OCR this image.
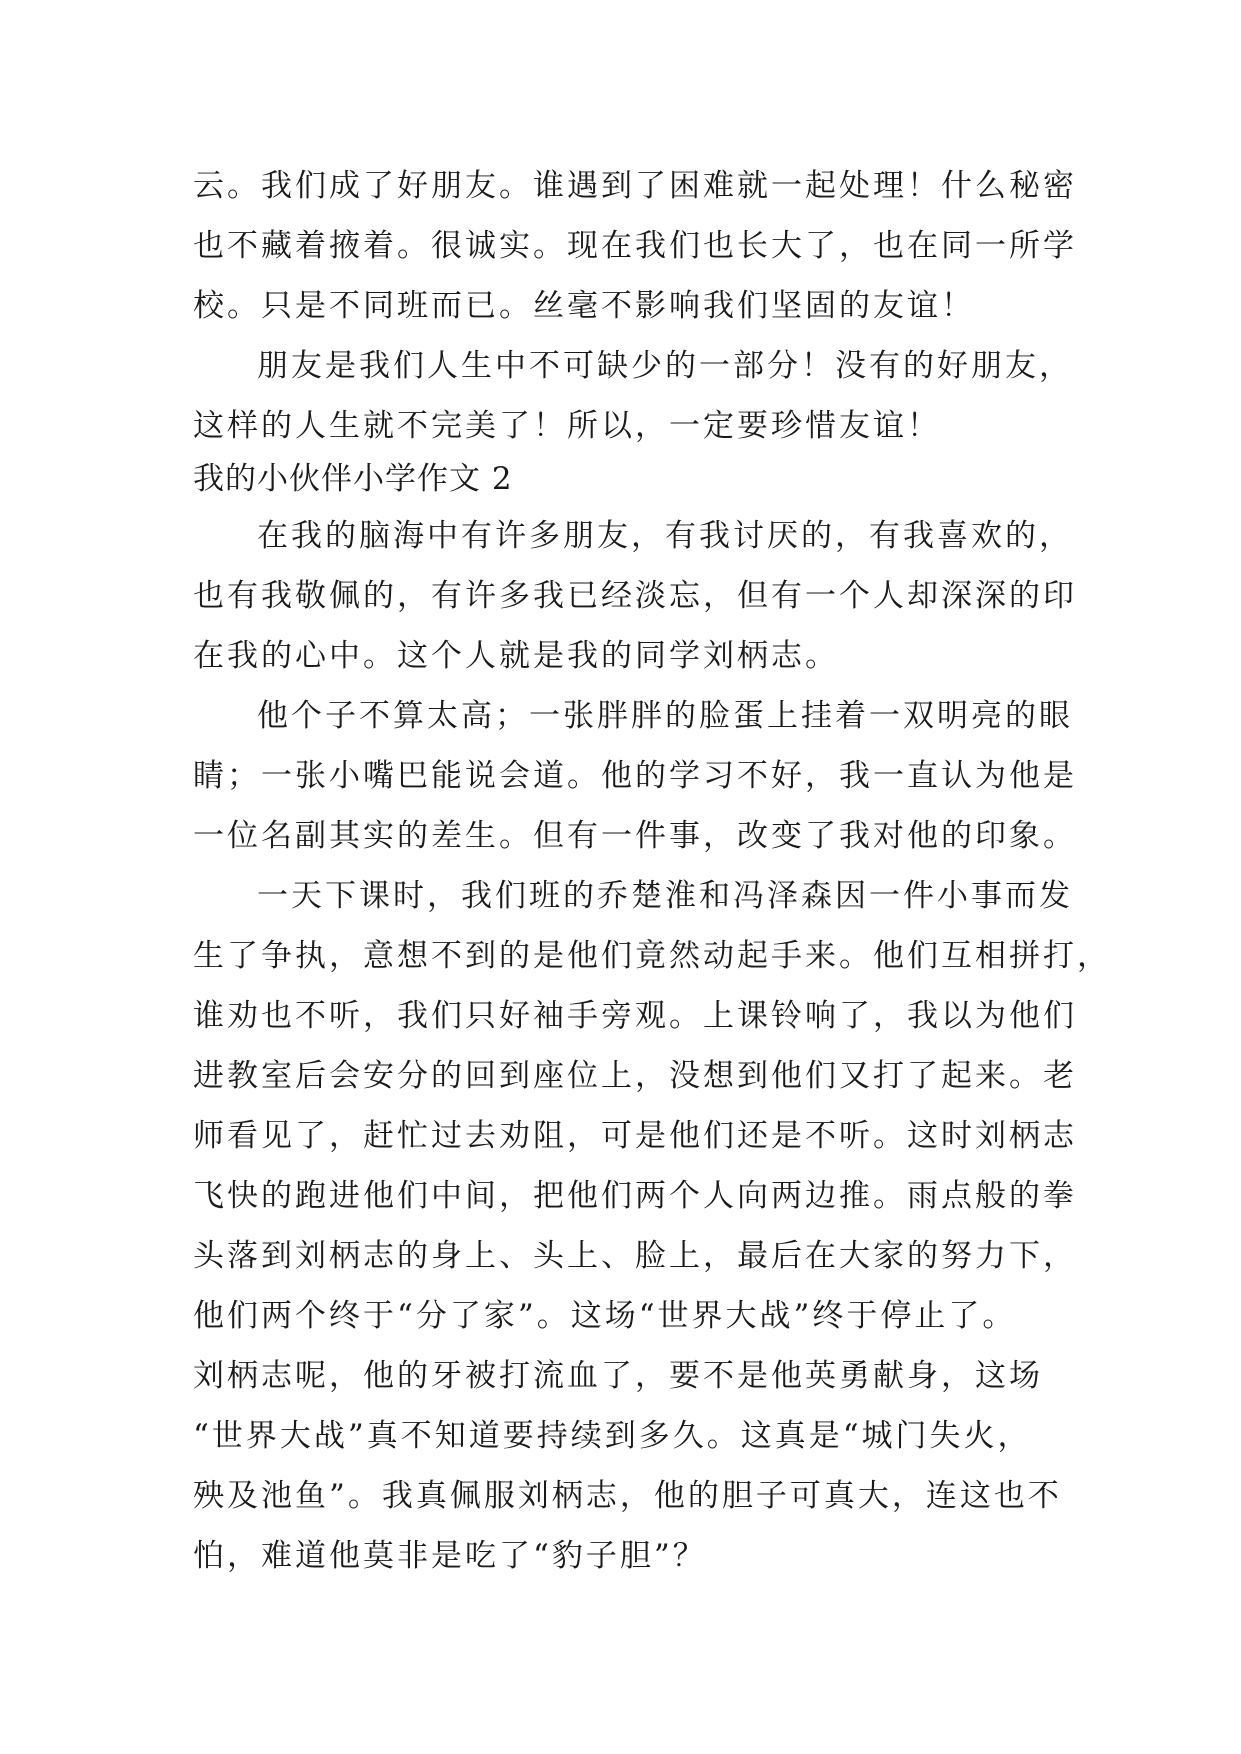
云。我们成了好朋友。谁遇到了困难就一起处理！什么秘密
也不藏着掖着。很诚实。现在我们也长大了，也在同一所学
校。只是不同班而已。丝毫不影响我们坚固的友谊！
朋友是我们人生中不可缺少的一部分！没有的好朋友，
这样的人生就不完美了！所以，一定要珍惜友谊！
我的小伙伴小学作文 2
在我的脑海中有许多朋友，有我讨厌的，有我喜欢的，
也有我敬佩的，有许多我已经淡忘，但有一个人却深深的印
在我的心中。这个人就是我的同学刘柄志。
他个子不算太高；一张胖胖的脸蛋上挂着一双明亮的眼
睛；一张小嘴巴能说会道。他的学习不好，我一直认为他是
一位名副其实的差生。但有一件事，改变了我对他的印象。
一天下课时，我们班的乔楚淮和冯泽森因一件小事而发
生了争执，意想不到的是他们竟然动起手来。他们互相拼打，
谁劝也不听，我们只好袖手旁观。上课铃响了，我以为他们
进教室后会安分的回到座位上，没想到他们又打了起来。老
师看见了，赶忙过去劝阻，可是他们还是不听。这时刘柄志
飞快的跑进他们中间，把他们两个人向两边推。雨点般的拳
头落到刘柄志的身上、头上、脸上，最后在大家的努力下，
他们两个终于“分了家”。这场“世界大战”终于停止了。
刘柄志呢，他的牙被打流血了，要不是他英勇献身，这场
“世界大战”真不知道要持续到多久。这真是“城门失火，
殃及池鱼”。我真佩服刘柄志，他的胆子可真大，连这也不
怕，难道他莫非是吃了“豹子胆”？
